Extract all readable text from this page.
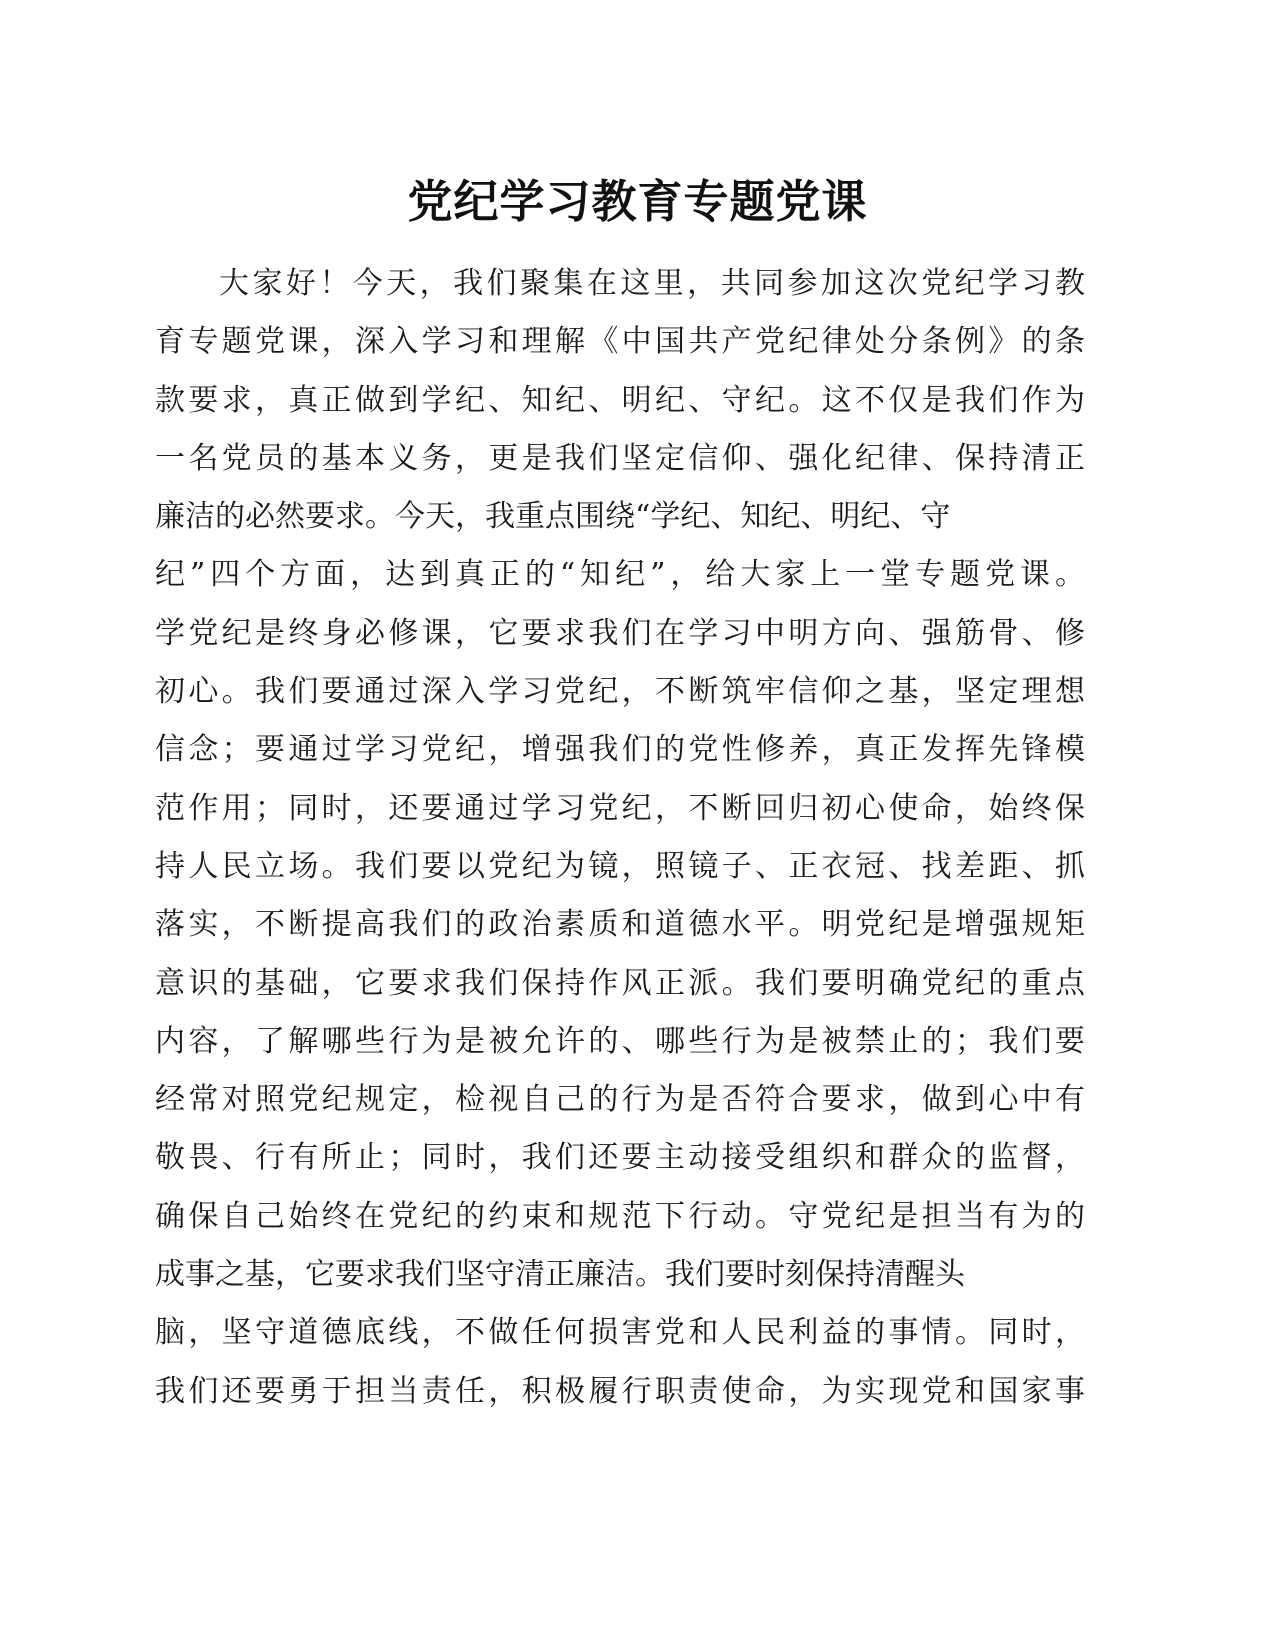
党纪学习教育专题党课
大家好！今天，我们聚集在这里，共同参加这次党纪学习教
育专题党课，深入学习和理解《中国共产党纪律处分条例》的条
款要求，真正做到学纪、知纪、明纪、守纪。这不仅是我们作为
一名党员的基本义务，更是我们坚定信仰、强化纪律、保持清正
廉洁的必然要求。今天，我重点围绕“学纪、知纪、明纪、守
纪”四个方面，达到真正的“知纪”，给大家上一堂专题党课。
学党纪是终身必修课，它要求我们在学习中明方向、强筋骨、修
初心。我们要通过深入学习党纪，不断筑牢信仰之基，坚定理想
信念；要通过学习党纪，增强我们的党性修养，真正发挥先锋模
范作用；同时，还要通过学习党纪，不断回归初心使命，始终保
持人民立场。我们要以党纪为镜，照镜子、正衣冠、找差距、抓
落实，不断提高我们的政治素质和道德水平。明党纪是增强规矩
意识的基础，它要求我们保持作风正派。我们要明确党纪的重点
内容，了解哪些行为是被允许的、哪些行为是被禁止的；我们要
经常对照党纪规定，检视自己的行为是否符合要求，做到心中有
敬畏、行有所止；同时，我们还要主动接受组织和群众的监督，
确保自己始终在党纪的约束和规范下行动。守党纪是担当有为的
成事之基，它要求我们坚守清正廉洁。我们要时刻保持清醒头
脑，坚守道德底线，不做任何损害党和人民利益的事情。同时，
我们还要勇于担当责任，积极履行职责使命，为实现党和国家事
